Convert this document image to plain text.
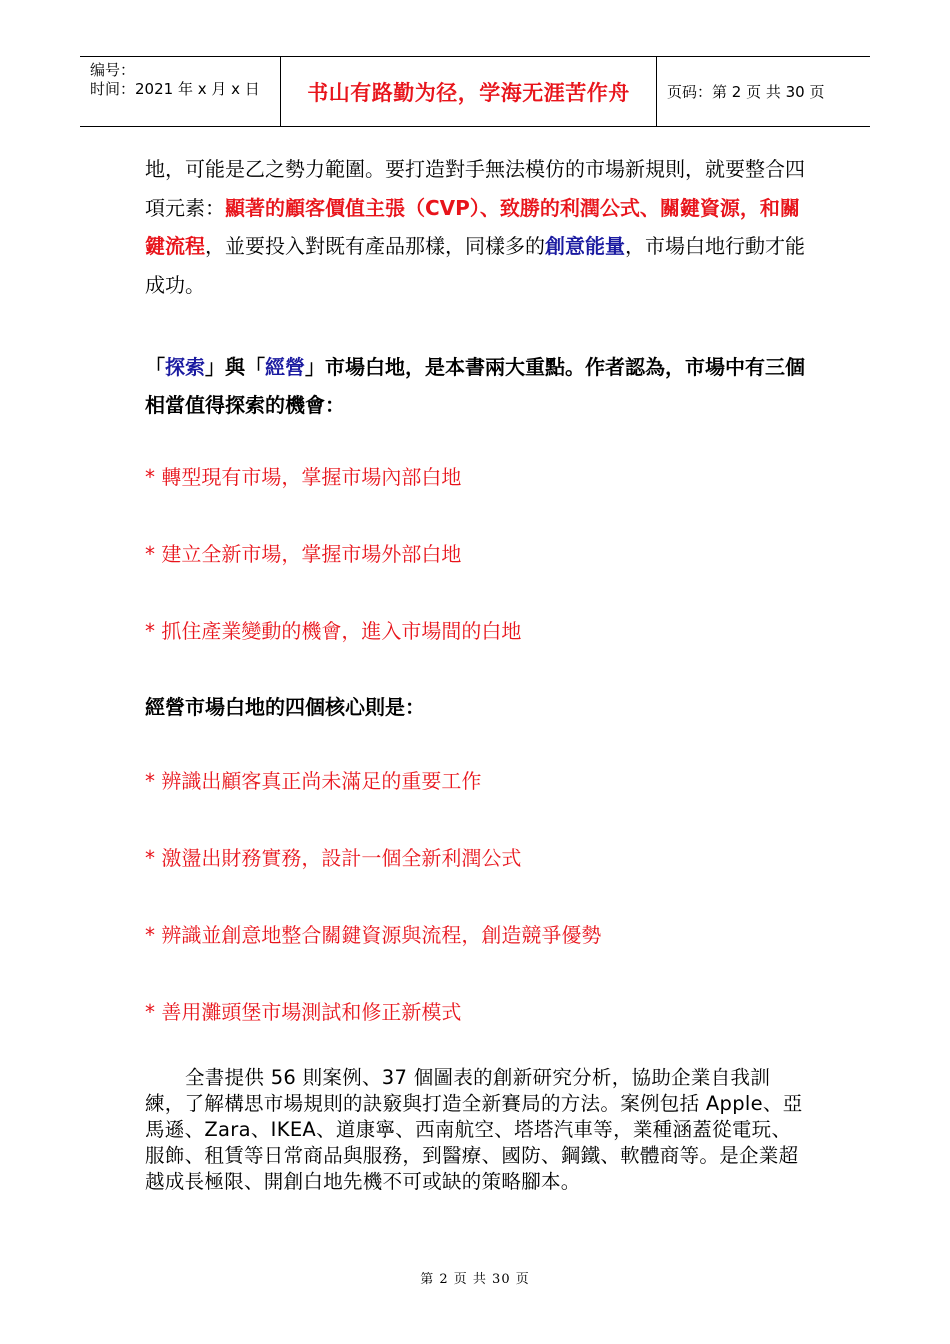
编号：
时间：2021 年 x 月 x 日	书山有路勤为径，学海无涯苦作舟	页码：第 2 页 共 30 页

地，可能是乙之勢力範圍。要打造對手無法模仿的市場新規則，就要整合四項元素：顯著的顧客價值主張（CVP）、致勝的利潤公式、關鍵資源，和關鍵流程，並要投入對既有產品那樣，同樣多的創意能量，市場白地行動才能成功。

「探索」與「經營」市場白地，是本書兩大重點。作者認為，市場中有三個相當值得探索的機會：

* 轉型現有市場，掌握市場內部白地

* 建立全新市場，掌握市場外部白地

* 抓住產業變動的機會，進入市場間的白地

經營市場白地的四個核心則是：

* 辨識出顧客真正尚未滿足的重要工作

* 激盪出財務實務，設計一個全新利潤公式

* 辨識並創意地整合關鍵資源與流程，創造競爭優勢

* 善用灘頭堡市場測試和修正新模式

全書提供 56 則案例、37 個圖表的創新研究分析，協助企業自我訓練，了解構思市場規則的訣竅與打造全新賽局的方法。案例包括 Apple、亞馬遜、Zara、IKEA、道康寧、西南航空、塔塔汽車等，業種涵蓋從電玩、服飾、租賃等日常商品與服務，到醫療、國防、鋼鐵、軟體商等。是企業超越成長極限、開創白地先機不可或缺的策略腳本。

第 2 页 共 30 页
